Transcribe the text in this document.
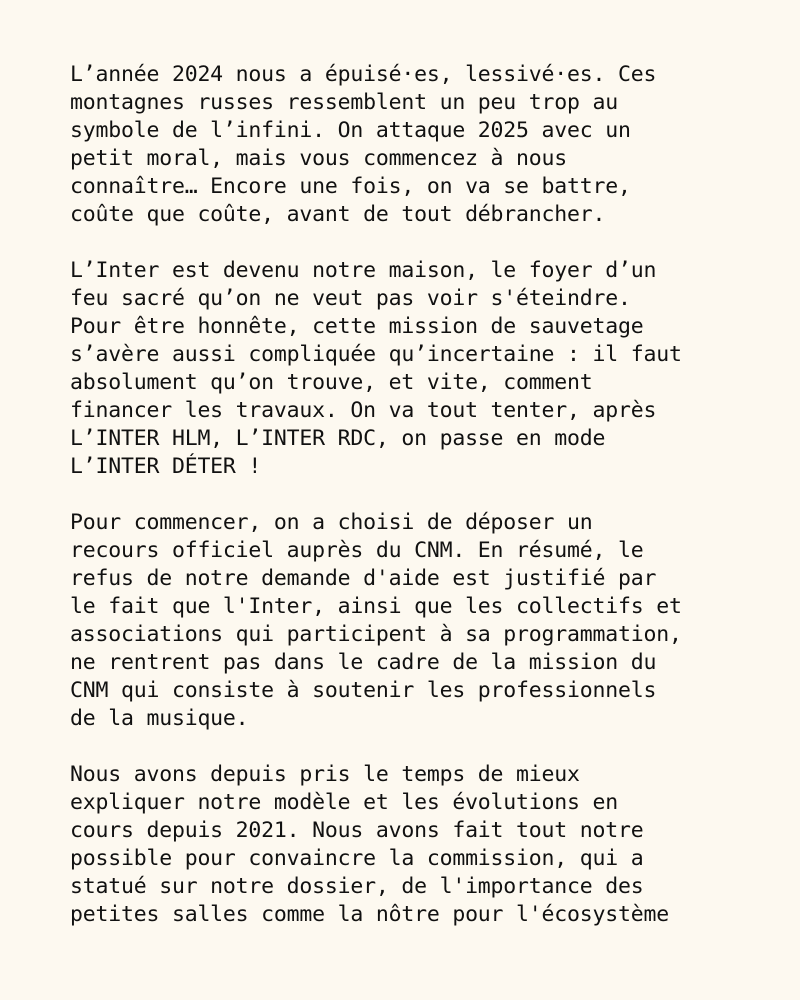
L’année 2024 nous a épuisé·es, lessivé·es. Ces
montagnes russes ressemblent un peu trop au
symbole de l’infini. On attaque 2025 avec un
petit moral, mais vous commencez à nous
connaître… Encore une fois, on va se battre,
coûte que coûte, avant de tout débrancher.
L’Inter est devenu notre maison, le foyer d’un
feu sacré qu’on ne veut pas voir s'éteindre.
Pour être honnête, cette mission de sauvetage
s’avère aussi compliquée qu’incertaine : il faut
absolument qu’on trouve, et vite, comment
financer les travaux. On va tout tenter, après
L’INTER HLM, L’INTER RDC, on passe en mode
L’INTER DÉTER !
Pour commencer, on a choisi de déposer un
recours officiel auprès du CNM. En résumé, le
refus de notre demande d'aide est justifié par
le fait que l'Inter, ainsi que les collectifs et
associations qui participent à sa programmation,
ne rentrent pas dans le cadre de la mission du
CNM qui consiste à soutenir les professionnels
de la musique.
Nous avons depuis pris le temps de mieux
expliquer notre modèle et les évolutions en
cours depuis 2021. Nous avons fait tout notre
possible pour convaincre la commission, qui a
statué sur notre dossier, de l'importance des
petites salles comme la nôtre pour l'écosystème
